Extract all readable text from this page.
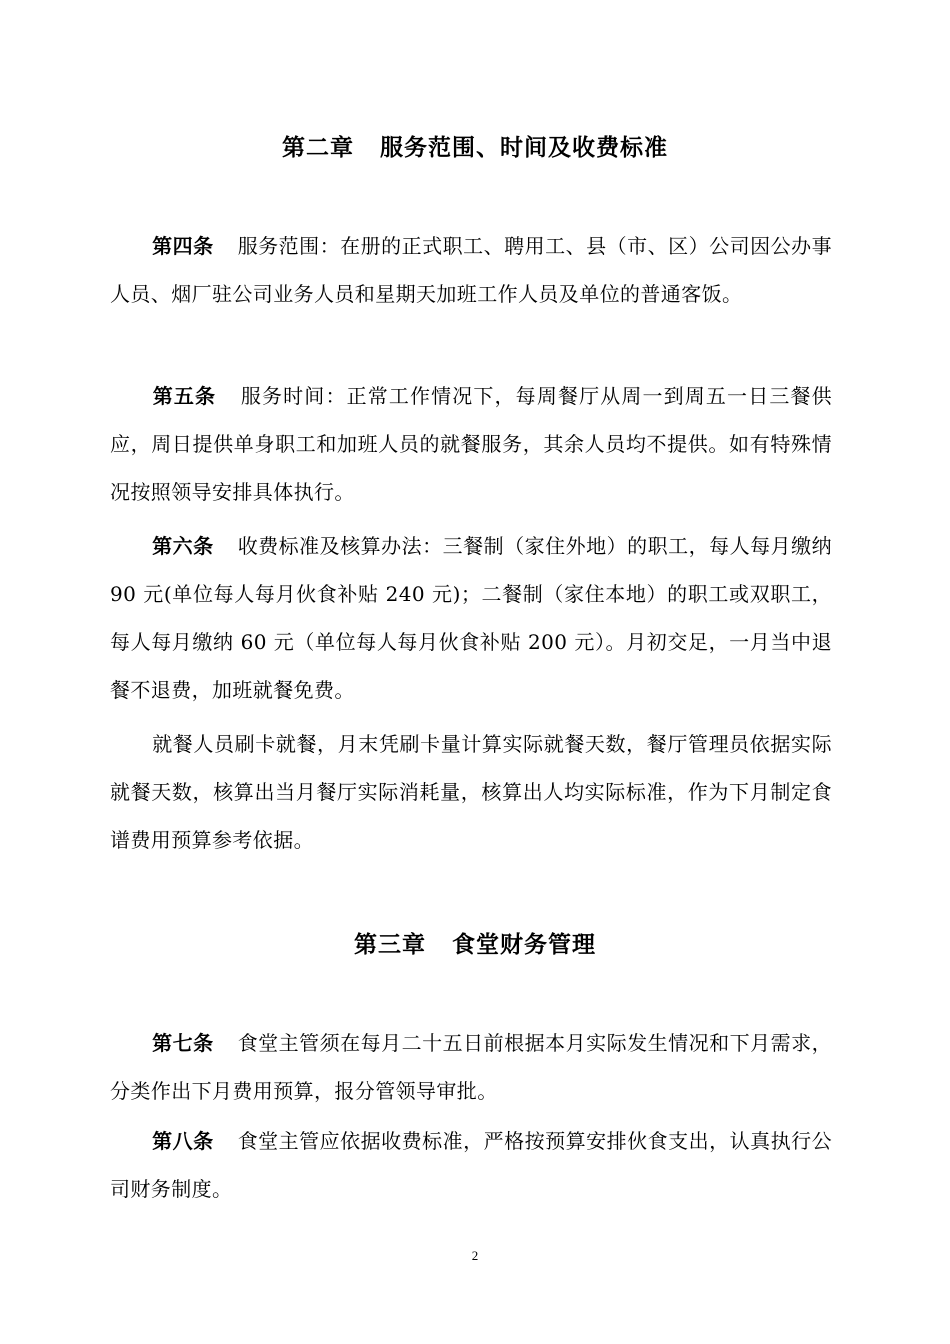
第二章 服务范围、时间及收费标准
第四条 服务范围：在册的正式职工、聘用工、县（市、区）公司因公办事人员、烟厂驻公司业务人员和星期天加班工作人员及单位的普通客饭。
第五条 服务时间：正常工作情况下，每周餐厅从周一到周五一日三餐供应，周日提供单身职工和加班人员的就餐服务，其余人员均不提供。如有特殊情况按照领导安排具体执行。
第六条 收费标准及核算办法：三餐制（家住外地）的职工，每人每月缴纳 90 元(单位每人每月伙食补贴 240 元)；二餐制（家住本地）的职工或双职工，每人每月缴纳 60 元（单位每人每月伙食补贴 200 元）。月初交足，一月当中退餐不退费，加班就餐免费。
就餐人员刷卡就餐，月末凭刷卡量计算实际就餐天数，餐厅管理员依据实际就餐天数，核算出当月餐厅实际消耗量，核算出人均实际标准，作为下月制定食谱费用预算参考依据。
第三章 食堂财务管理
第七条 食堂主管须在每月二十五日前根据本月实际发生情况和下月需求，分类作出下月费用预算，报分管领导审批。
第八条 食堂主管应依据收费标准，严格按预算安排伙食支出，认真执行公司财务制度。
2
